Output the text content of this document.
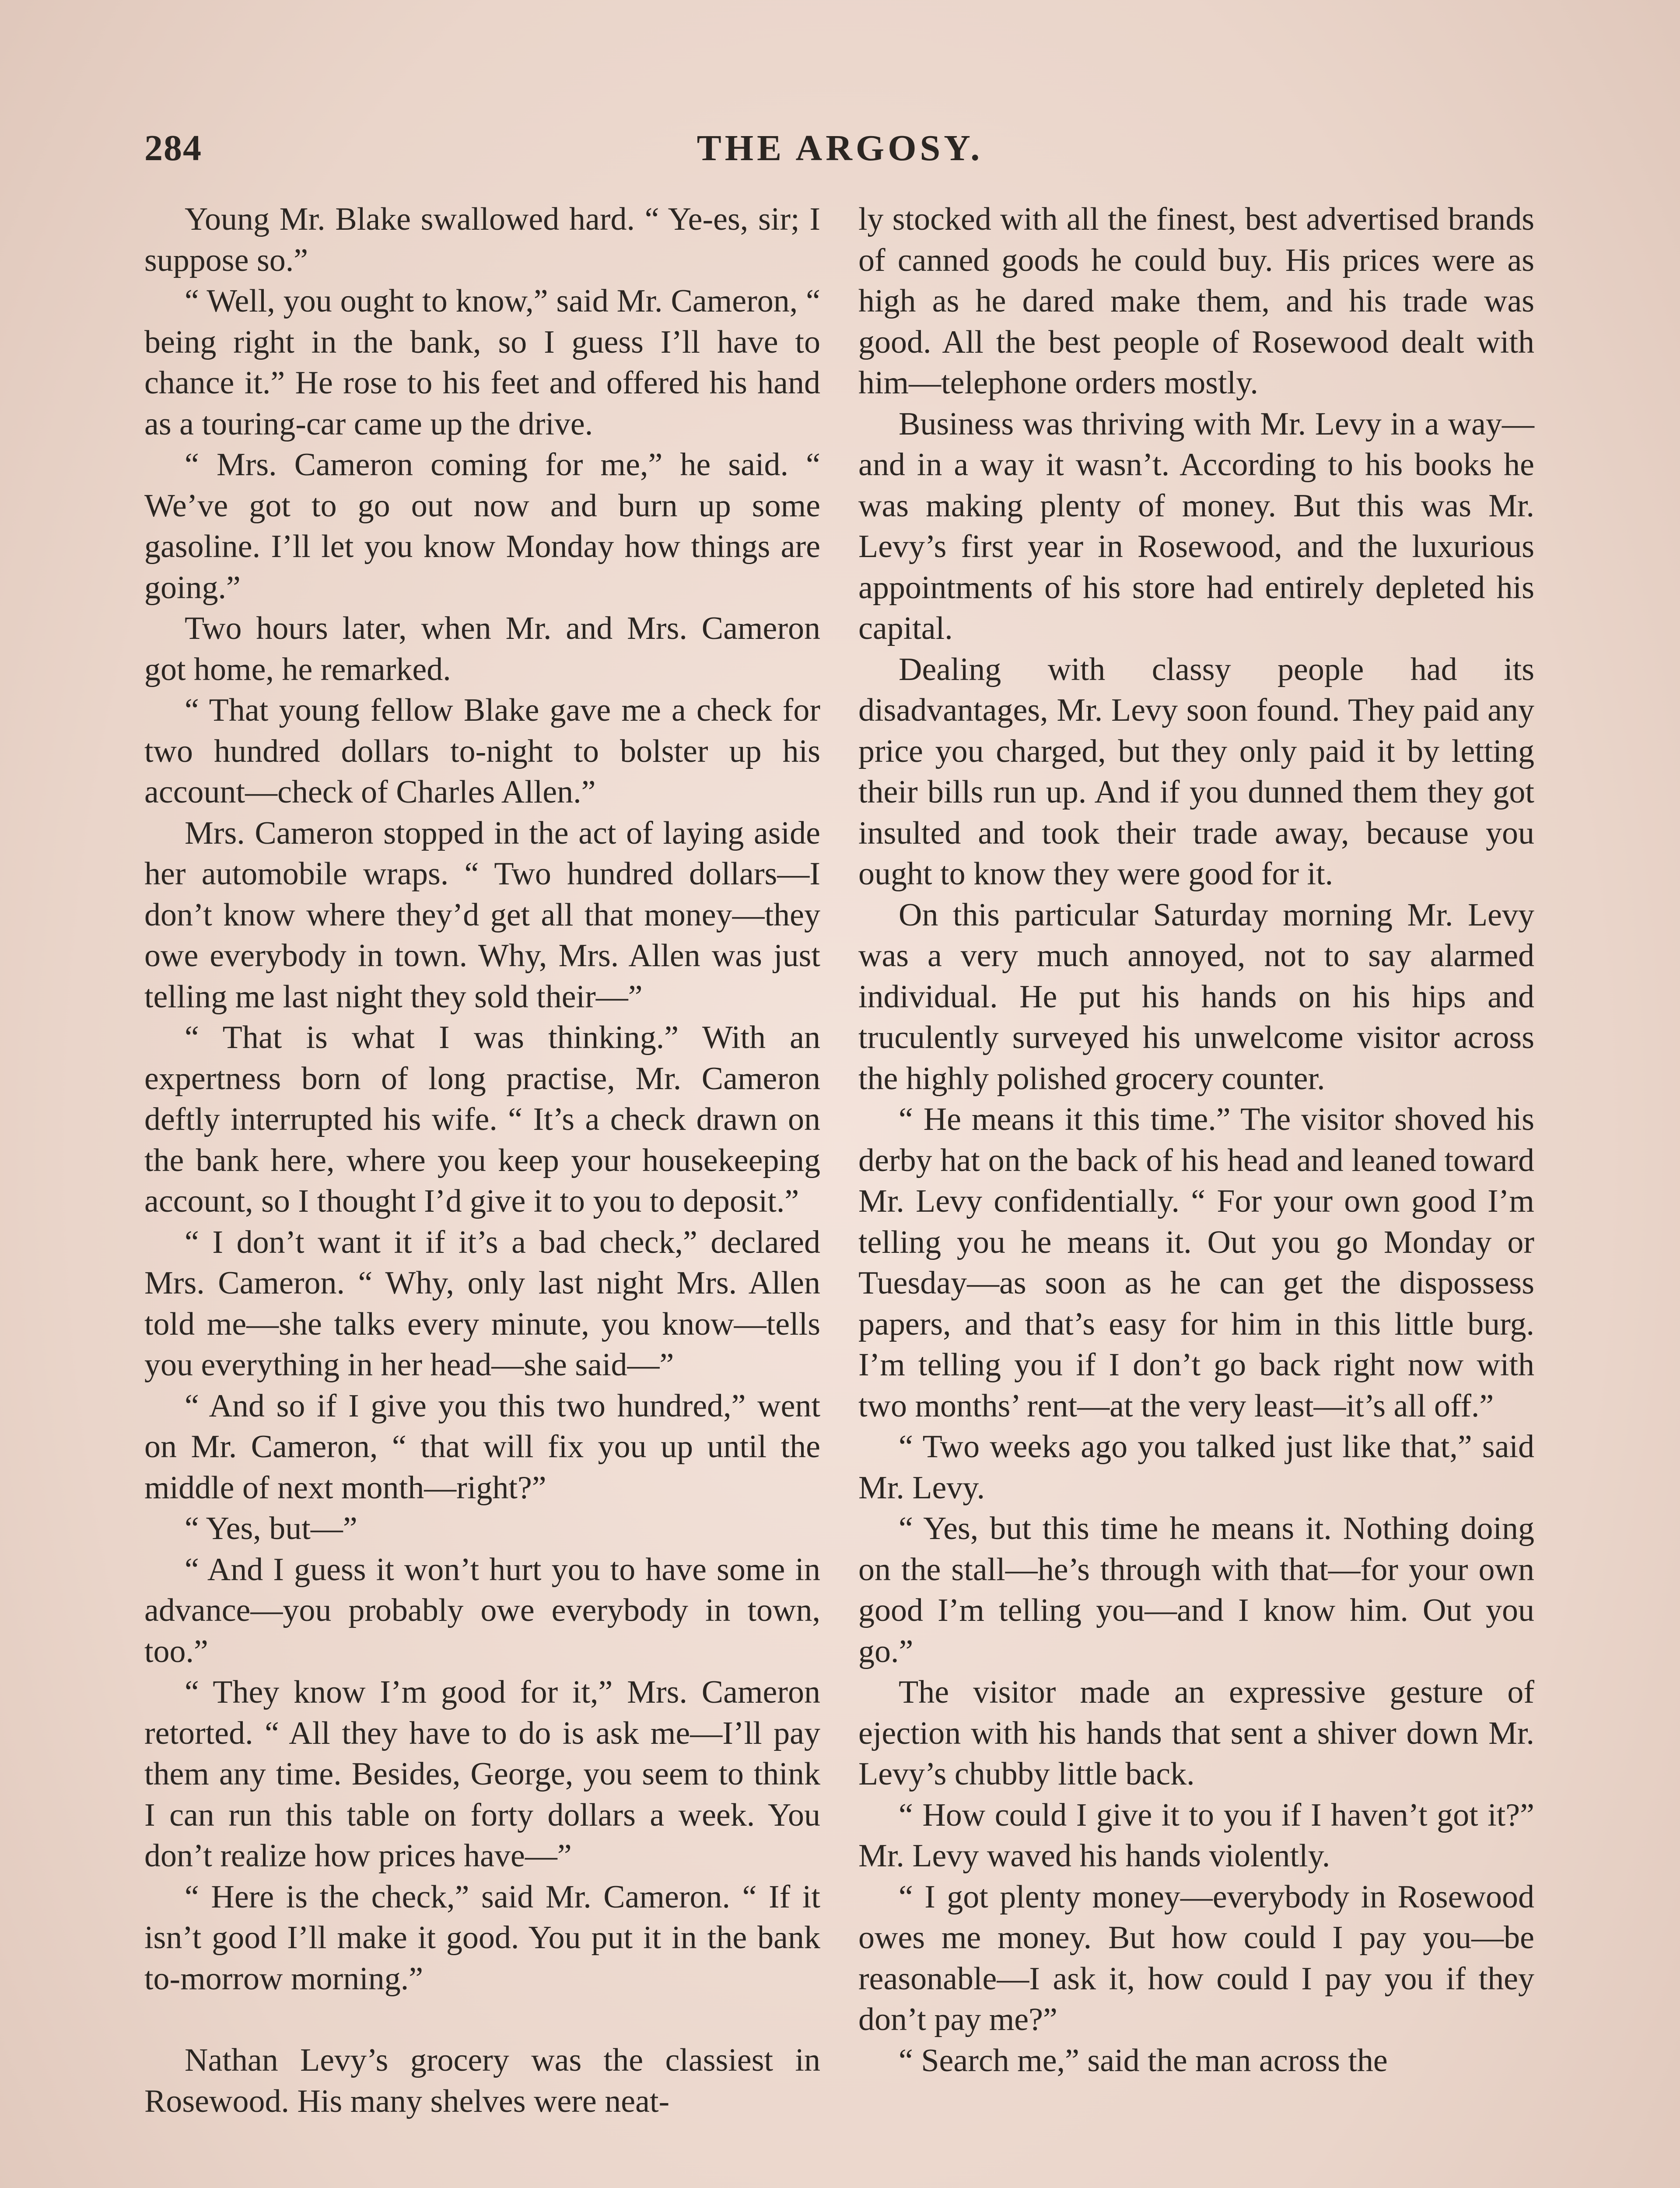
284	THE ARGOSY.

Young Mr. Blake swallowed hard. “ Ye-es, sir; I suppose so.”

“ Well, you ought to know,” said Mr. Cameron, “ being right in the bank, so I guess I’ll have to chance it.” He rose to his feet and offered his hand as a touring-car came up the drive.

“ Mrs. Cameron coming for me,” he said. “ We’ve got to go out now and burn up some gasoline. I’ll let you know Monday how things are going.”

Two hours later, when Mr. and Mrs. Cameron got home, he remarked.

“ That young fellow Blake gave me a check for two hundred dollars to-night to bolster up his account—check of Charles Allen.”

Mrs. Cameron stopped in the act of laying aside her automobile wraps. “ Two hundred dollars—I don’t know where they’d get all that money—they owe everybody in town. Why, Mrs. Allen was just telling me last night they sold their—”

“ That is what I was thinking.” With an expertness born of long practise, Mr. Cameron deftly interrupted his wife. “ It’s a check drawn on the bank here, where you keep your housekeeping account, so I thought I’d give it to you to deposit.”

“ I don’t want it if it’s a bad check,” declared Mrs. Cameron. “ Why, only last night Mrs. Allen told me—she talks every minute, you know—tells you everything in her head—she said—”

“ And so if I give you this two hundred,” went on Mr. Cameron, “ that will fix you up until the middle of next month—right?”

“ Yes, but—”

“ And I guess it won’t hurt you to have some in advance—you probably owe everybody in town, too.”

“ They know I’m good for it,” Mrs. Cameron retorted. “ All they have to do is ask me—I’ll pay them any time. Besides, George, you seem to think I can run this table on forty dollars a week. You don’t realize how prices have—”

“ Here is the check,” said Mr. Cameron. “ If it isn’t good I’ll make it good. You put it in the bank to-morrow morning.”

Nathan Levy’s grocery was the classiest in Rosewood. His many shelves were neat-

ly stocked with all the finest, best advertised brands of canned goods he could buy. His prices were as high as he dared make them, and his trade was good. All the best people of Rosewood dealt with him—telephone orders mostly.

Business was thriving with Mr. Levy in a way—and in a way it wasn’t. According to his books he was making plenty of money. But this was Mr. Levy’s first year in Rosewood, and the luxurious appointments of his store had entirely depleted his capital.

Dealing with classy people had its disadvantages, Mr. Levy soon found. They paid any price you charged, but they only paid it by letting their bills run up. And if you dunned them they got insulted and took their trade away, because you ought to know they were good for it.

On this particular Saturday morning Mr. Levy was a very much annoyed, not to say alarmed individual. He put his hands on his hips and truculently surveyed his unwelcome visitor across the highly polished grocery counter.

“ He means it this time.” The visitor shoved his derby hat on the back of his head and leaned toward Mr. Levy confidentially. “ For your own good I’m telling you he means it. Out you go Monday or Tuesday—as soon as he can get the dispossess papers, and that’s easy for him in this little burg. I’m telling you if I don’t go back right now with two months’ rent—at the very least—it’s all off.”

“ Two weeks ago you talked just like that,” said Mr. Levy.

“ Yes, but this time he means it. Nothing doing on the stall—he’s through with that—for your own good I’m telling you—and I know him. Out you go.”

The visitor made an expressive gesture of ejection with his hands that sent a shiver down Mr. Levy’s chubby little back.

“ How could I give it to you if I haven’t got it?” Mr. Levy waved his hands violently.

“ I got plenty money—everybody in Rosewood owes me money. But how could I pay you—be reasonable—I ask it, how could I pay you if they don’t pay me?”

“ Search me,” said the man across the
